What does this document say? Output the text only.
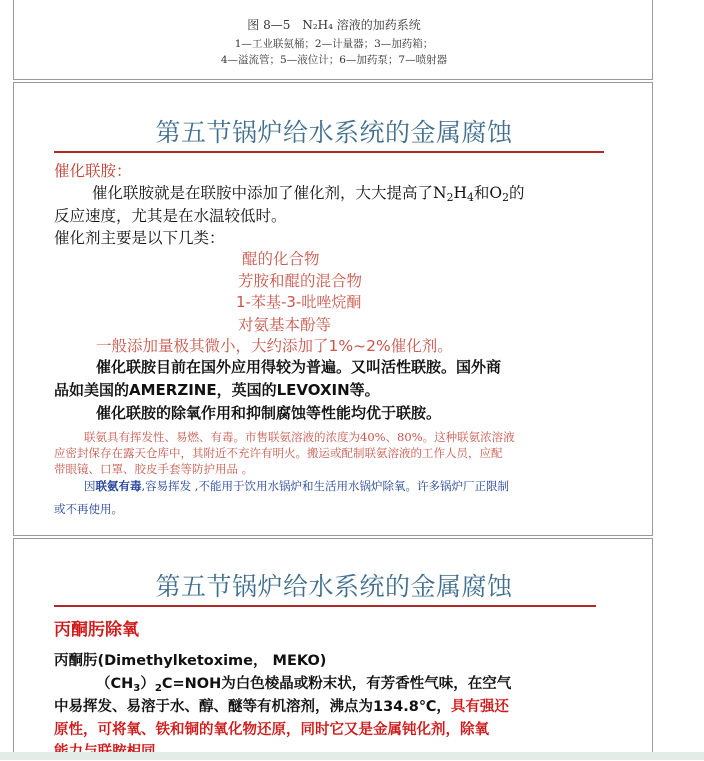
图 8—5　N₂H₄ 溶液的加药系统
1—工业联氨桶；2—计量器；3—加药箱；
4—溢流管；5—液位计；6—加药泵；7—喷射器
第五节锅炉给水系统的金属腐蚀
催化联胺：
催化联胺就是在联胺中添加了催化剂，大大提高了$N_2H_4$和$O_2$的
反应速度，尤其是在水温较低时。
催化剂主要是以下几类：
醌的化合物
芳胺和醌的混合物
1-苯基-3-吡唑烷酮
对氨基本酚等
一般添加量极其微小，大约添加了1%~2%催化剂。
催化联胺目前在国外应用得较为普遍。又叫活性联胺。国外商
品如美国的AMERZINE，英国的LEVOXIN等。
催化联胺的除氧作用和抑制腐蚀等性能均优于联胺。
联氨具有挥发性、易燃、有毒。市售联氨溶液的浓度为40%、80%。这种联氨浓溶液
应密封保存在露天仓库中，其附近不充许有明火。搬运或配制联氨溶液的工作人员，应配
带眼镜、口罩、胶皮手套等防护用品 。
因联氨有毒,容易挥发 ,不能用于饮用水锅炉和生活用水锅炉除氧。许多锅炉厂正限制
或不再使用。
第五节锅炉给水系统的金属腐蚀
丙酮肟除氧
丙酮肟(Dimethylketoxime， MEKO)
$(CH_3)_2C=NOH$为白色棱晶或粉末状，有芳香性气味，在空气
中易挥发、易溶于水、醇、醚等有机溶剂，沸点为134.8℃，具有强还
原性，可将氧、铁和铜的氧化物还原，同时它又是金属钝化剂，除氧
